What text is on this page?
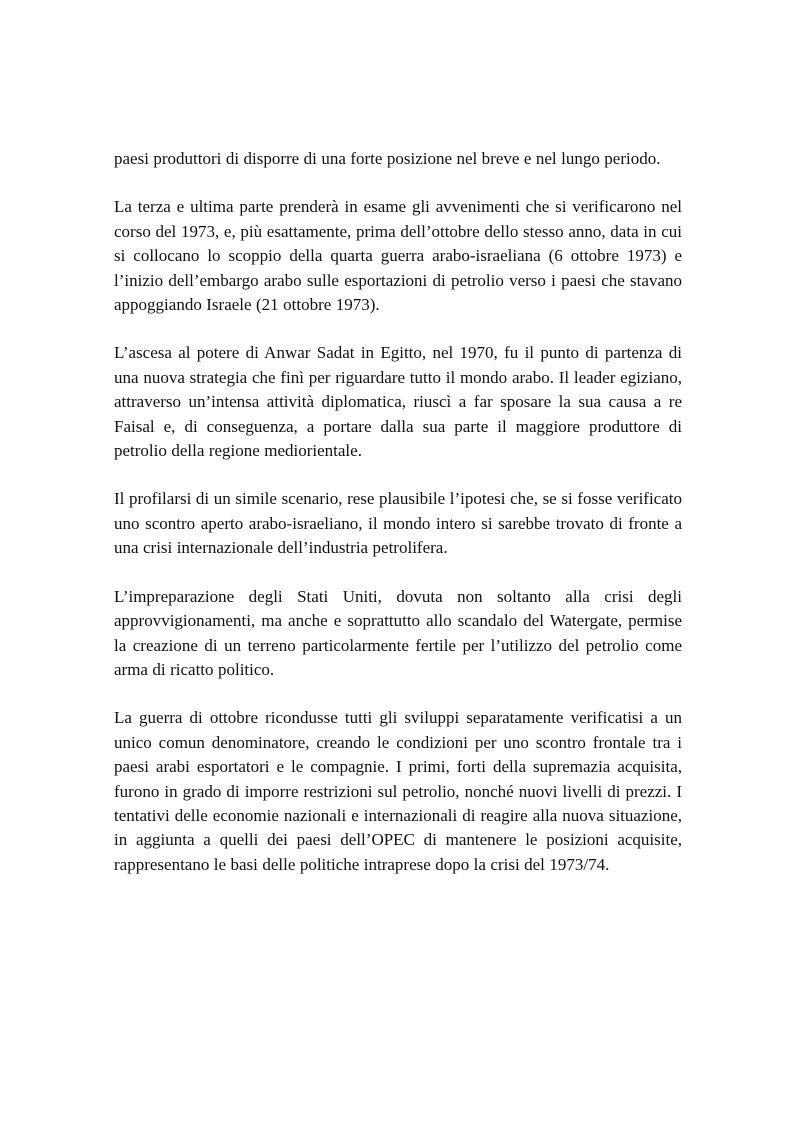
paesi produttori di disporre di una forte posizione nel breve e nel lungo periodo.

La terza e ultima parte prenderà in esame gli avvenimenti che si verificarono nel corso del 1973, e, più esattamente, prima dell’ottobre dello stesso anno, data in cui si collocano lo scoppio della quarta guerra arabo-israeliana (6 ottobre 1973) e l’inizio dell’embargo arabo sulle esportazioni di petrolio verso i paesi che stavano appoggiando Israele (21 ottobre 1973).

L’ascesa al potere di Anwar Sadat in Egitto, nel 1970, fu il punto di partenza di una nuova strategia che finì per riguardare tutto il mondo arabo. Il leader egiziano, attraverso un’intensa attività diplomatica, riuscì a far sposare la sua causa a re Faisal e, di conseguenza, a portare dalla sua parte il maggiore produttore di petrolio della regione mediorientale.

Il profilarsi di un simile scenario, rese plausibile l’ipotesi che, se si fosse verificato uno scontro aperto arabo-israeliano, il mondo intero si sarebbe trovato di fronte a una crisi internazionale dell’industria petrolifera.

L’impreparazione degli Stati Uniti, dovuta non soltanto alla crisi degli approvvigionamenti, ma anche e soprattutto allo scandalo del Watergate, permise la creazione di un terreno particolarmente fertile per l’utilizzo del petrolio come arma di ricatto politico.

La guerra di ottobre ricondusse tutti gli sviluppi separatamente verificatisi a un unico comun denominatore, creando le condizioni per uno scontro frontale tra i paesi arabi esportatori e le compagnie. I primi, forti della supremazia acquisita, furono in grado di imporre restrizioni sul petrolio, nonché nuovi livelli di prezzi. I tentativi delle economie nazionali e internazionali di reagire alla nuova situazione, in aggiunta a quelli dei paesi dell’OPEC di mantenere le posizioni acquisite, rappresentano le basi delle politiche intraprese dopo la crisi del 1973/74.
